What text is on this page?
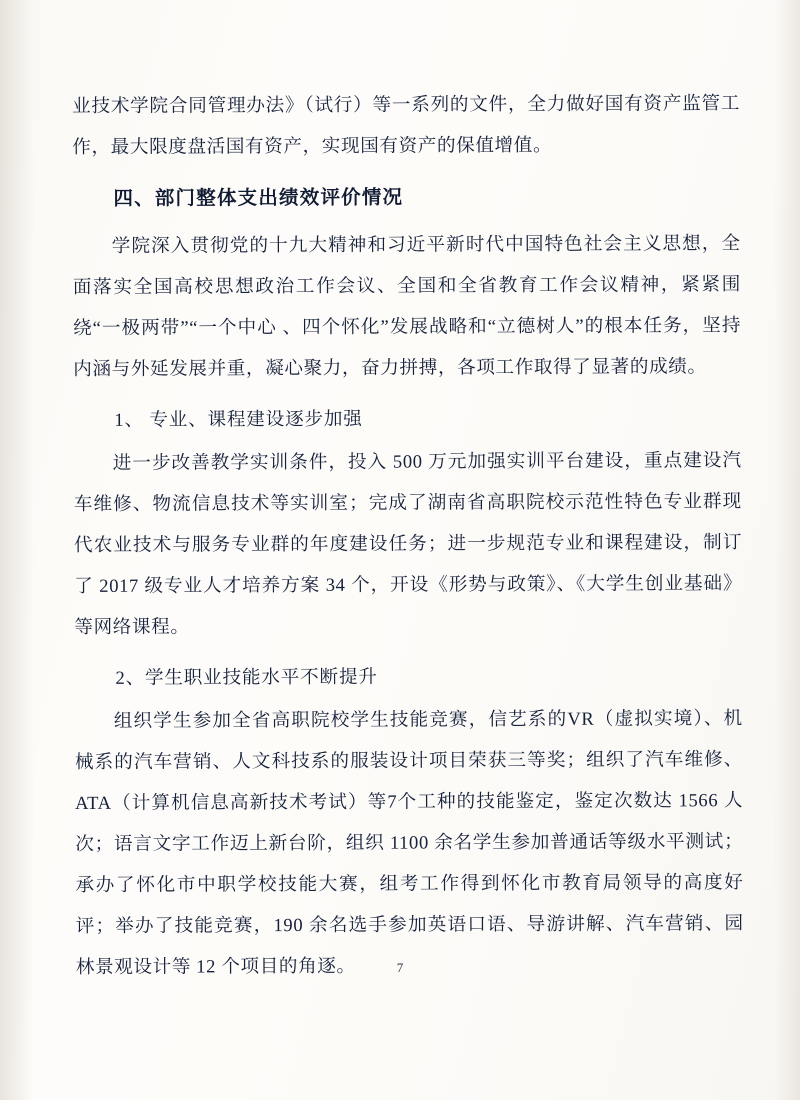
业技术学院合同管理办法》（试行）等一系列的文件，全力做好国有资产监管工作，最大限度盘活国有资产，实现国有资产的保值增值。

四、部门整体支出绩效评价情况

学院深入贯彻党的十九大精神和习近平新时代中国特色社会主义思想，全面落实全国高校思想政治工作会议、全国和全省教育工作会议精神，紧紧围绕“一极两带”“一个中心 、四个怀化”发展战略和“立德树人”的根本任务，坚持内涵与外延发展并重，凝心聚力，奋力拼搏，各项工作取得了显著的成绩。

1、 专业、课程建设逐步加强

进一步改善教学实训条件，投入 500 万元加强实训平台建设，重点建设汽车维修、物流信息技术等实训室；完成了湖南省高职院校示范性特色专业群现代农业技术与服务专业群的年度建设任务；进一步规范专业和课程建设，制订了 2017 级专业人才培养方案 34 个，开设《形势与政策》、《大学生创业基础》等网络课程。

2、学生职业技能水平不断提升

组织学生参加全省高职院校学生技能竞赛，信艺系的VR（虚拟实境）、机械系的汽车营销、人文科技系的服装设计项目荣获三等奖；组织了汽车维修、ATA（计算机信息高新技术考试）等7个工种的技能鉴定，鉴定次数达 1566 人次；语言文字工作迈上新台阶，组织 1100 余名学生参加普通话等级水平测试；承办了怀化市中职学校技能大赛，组考工作得到怀化市教育局领导的高度好评；举办了技能竞赛，190 余名选手参加英语口语、导游讲解、汽车营销、园林景观设计等 12 个项目的角逐。	7
